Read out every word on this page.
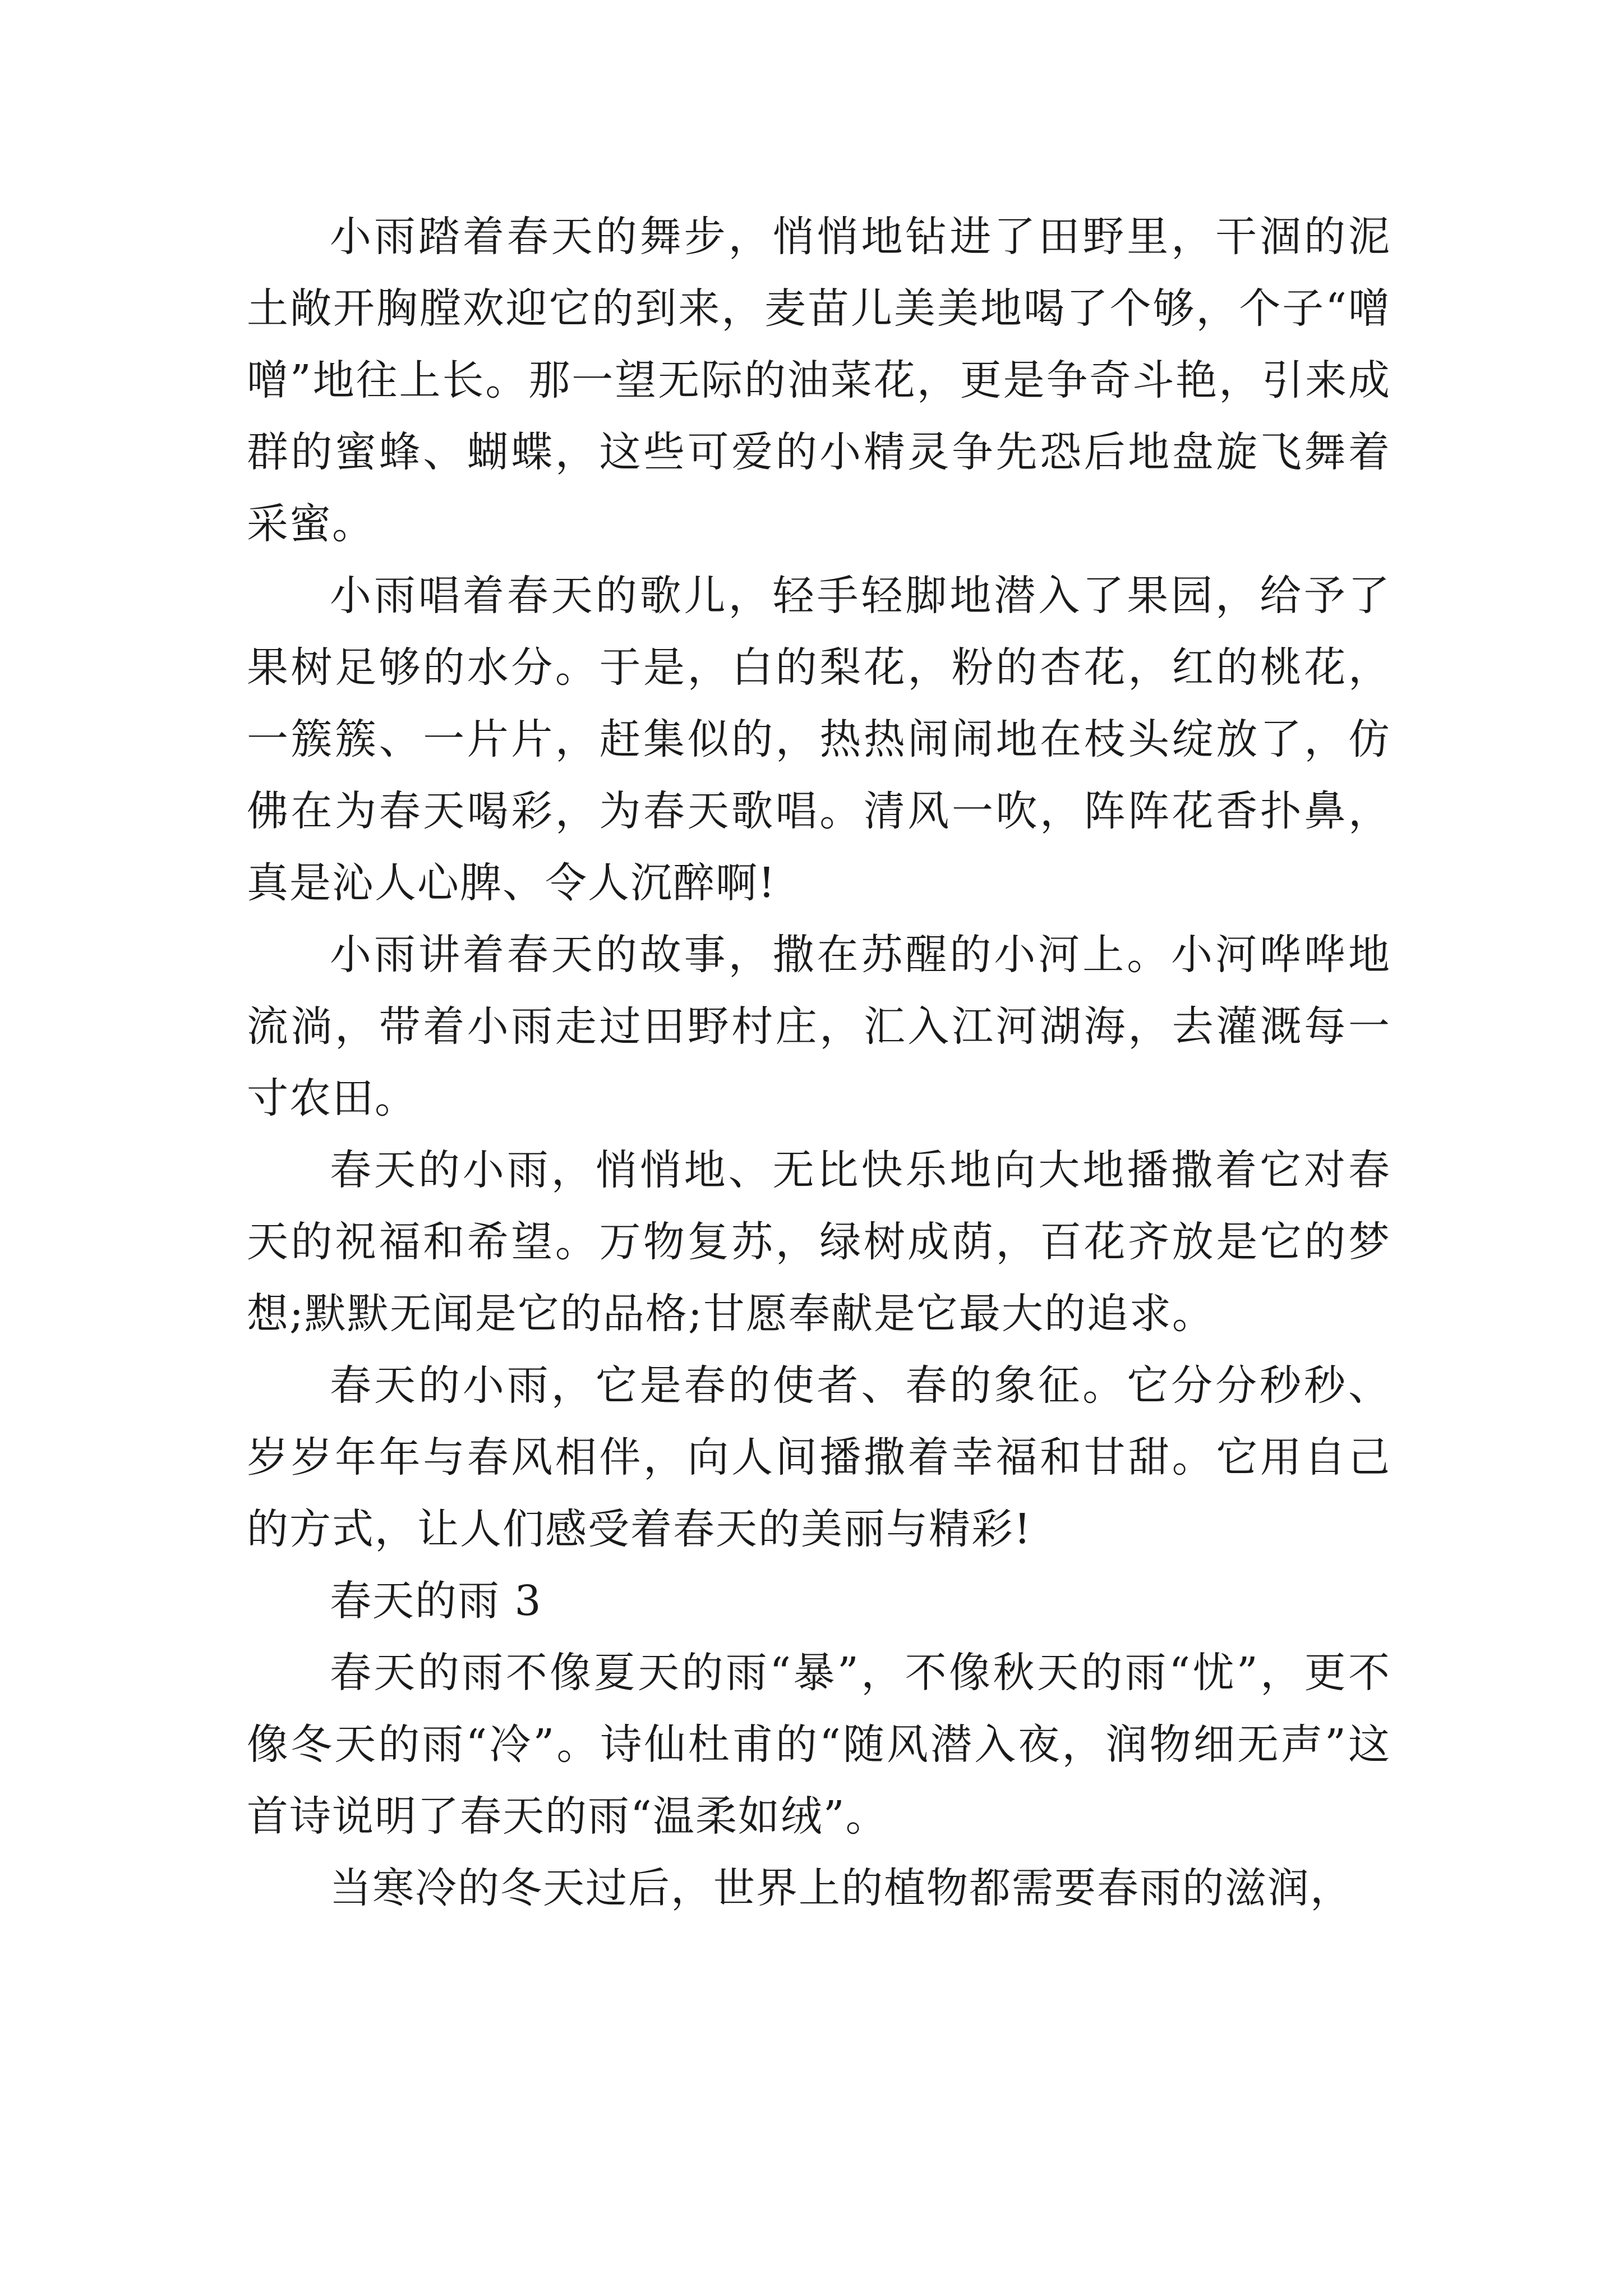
小雨踏着春天的舞步，悄悄地钻进了田野里，干涸的泥土敞开胸膛欢迎它的到来，麦苗儿美美地喝了个够，个子“噌噌”地往上长。那一望无际的油菜花，更是争奇斗艳，引来成群的蜜蜂、蝴蝶，这些可爱的小精灵争先恐后地盘旋飞舞着采蜜。

小雨唱着春天的歌儿，轻手轻脚地潜入了果园，给予了果树足够的水分。于是，白的梨花，粉的杏花，红的桃花，一簇簇、一片片，赶集似的，热热闹闹地在枝头绽放了，仿佛在为春天喝彩，为春天歌唱。清风一吹，阵阵花香扑鼻，真是沁人心脾、令人沉醉啊!

小雨讲着春天的故事，撒在苏醒的小河上。小河哗哗地流淌，带着小雨走过田野村庄，汇入江河湖海，去灌溉每一寸农田。

春天的小雨，悄悄地、无比快乐地向大地播撒着它对春天的祝福和希望。万物复苏，绿树成荫，百花齐放是它的梦想;默默无闻是它的品格;甘愿奉献是它最大的追求。

春天的小雨，它是春的使者、春的象征。它分分秒秒、岁岁年年与春风相伴，向人间播撒着幸福和甘甜。它用自己的方式，让人们感受着春天的美丽与精彩!

春天的雨 3

春天的雨不像夏天的雨“暴”，不像秋天的雨“忧”，更不像冬天的雨“冷”。诗仙杜甫的“随风潜入夜，润物细无声”这首诗说明了春天的雨“温柔如绒”。

当寒冷的冬天过后，世界上的植物都需要春雨的滋润，
